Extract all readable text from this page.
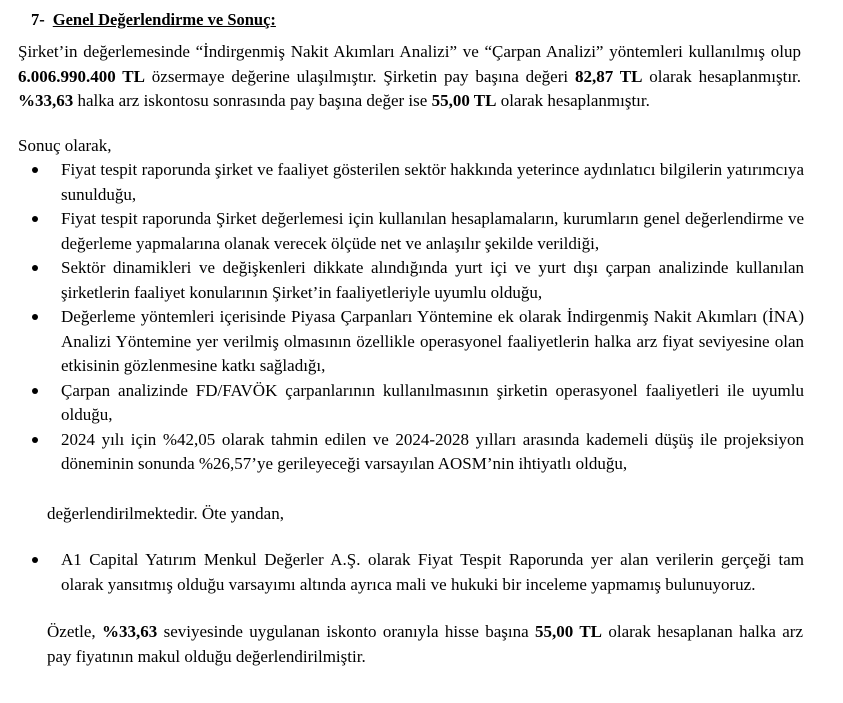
7- Genel Değerlendirme ve Sonuç:
Şirket’in değerlemesinde “İndirgenmiş Nakit Akımları Analizi” ve “Çarpan Analizi” yöntemleri kullanılmış olup 6.006.990.400 TL özsermaye değerine ulaşılmıştır. Şirketin pay başına değeri 82,87 TL olarak hesaplanmıştır. %33,63 halka arz iskontosu sonrasında pay başına değer ise 55,00 TL olarak hesaplanmıştır.
Sonuç olarak,
Fiyat tespit raporunda şirket ve faaliyet gösterilen sektör hakkında yeterince aydınlatıcı bilgilerin yatırımcıya sunulduğu,
Fiyat tespit raporunda Şirket değerlemesi için kullanılan hesaplamaların, kurumların genel değerlendirme ve değerleme yapmalarına olanak verecek ölçüde net ve anlaşılır şekilde verildiği,
Sektör dinamikleri ve değişkenleri dikkate alındığında yurt içi ve yurt dışı çarpan analizinde kullanılan şirketlerin faaliyet konularının Şirket’in faaliyetleriyle uyumlu olduğu,
Değerleme yöntemleri içerisinde Piyasa Çarpanları Yöntemine ek olarak İndirgenmiş Nakit Akımları (İNA) Analizi Yöntemine yer verilmiş olmasının özellikle operasyonel faaliyetlerin halka arz fiyat seviyesine olan etkisinin gözlenmesine katkı sağladığı,
Çarpan analizinde FD/FAVÖK çarpanlarının kullanılmasının şirketin operasyonel faaliyetleri ile uyumlu olduğu,
2024 yılı için %42,05 olarak tahmin edilen ve 2024-2028 yılları arasında kademeli düşüş ile projeksiyon döneminin sonunda %26,57’ye gerileyeceği varsayılan AOSM’nin ihtiyatlı olduğu,
değerlendirilmektedir. Öte yandan,
A1 Capital Yatırım Menkul Değerler A.Ş. olarak Fiyat Tespit Raporunda yer alan verilerin gerçeği tam olarak yansıtmış olduğu varsayımı altında ayrıca mali ve hukuki bir inceleme yapmamış bulunuyoruz.
Özetle, %33,63 seviyesinde uygulanan iskonto oranıyla hisse başına 55,00 TL olarak hesaplanan halka arz pay fiyatının makul olduğu değerlendirilmiştir.
